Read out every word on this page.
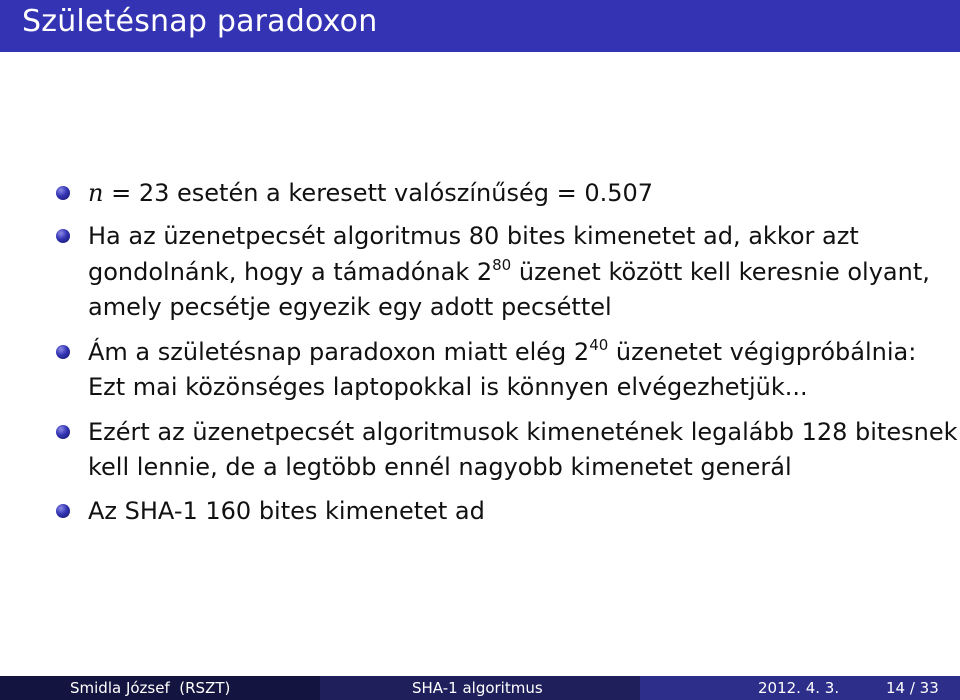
Születésnap paradoxon
n = 23 esetén a keresett valószínűség = 0.507
Ha az üzenetpecsét algoritmus 80 bites kimenetet ad, akkor azt
gondolnánk, hogy a támadónak $2^{80}$ üzenet között kell keresnie olyant,
amely pecsétje egyezik egy adott pecséttel
Ám a születésnap paradoxon miatt elég $2^{40}$ üzenetet végigpróbálnia:
Ezt mai közönséges laptopokkal is könnyen elvégezhetjük...
Ezért az üzenetpecsét algoritmusok kimenetének legalább 128 bitesnek
kell lennie, de a legtöbb ennél nagyobb kimenetet generál
Az SHA-1 160 bites kimenetet ad
Smidla József  (RSZT)	SHA-1 algoritmus	2012. 4. 3.	14 / 33
